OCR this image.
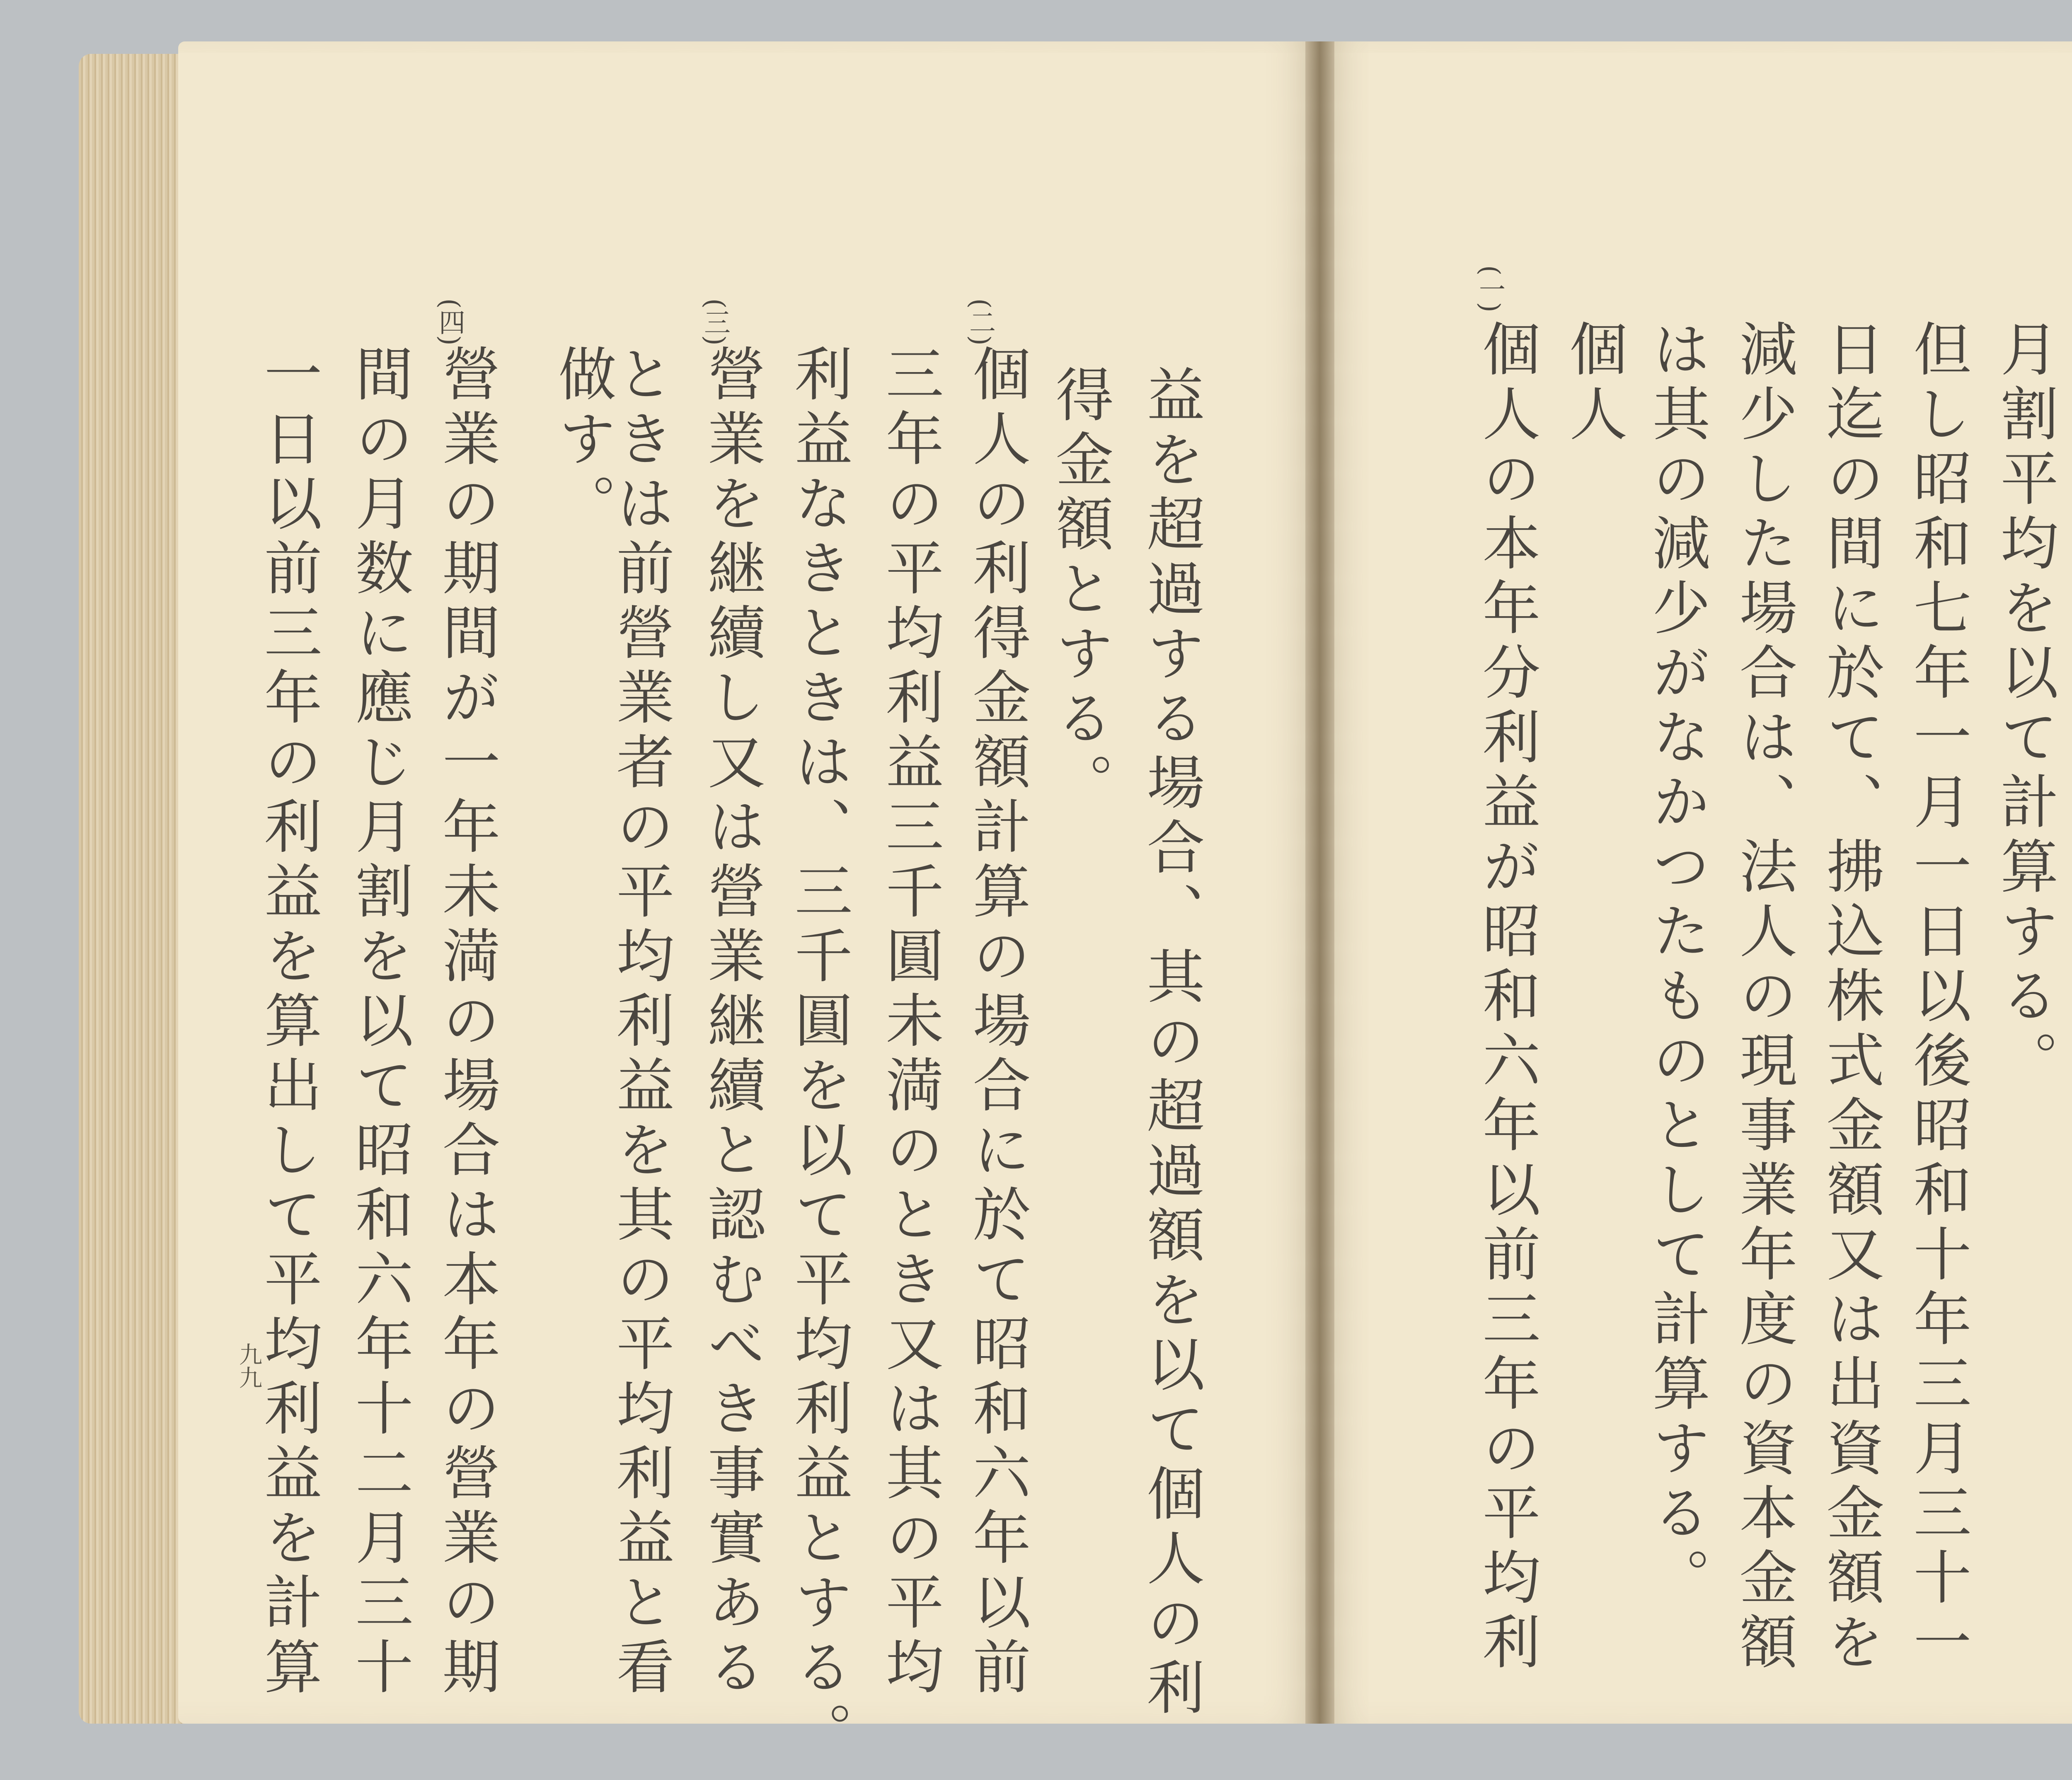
月割平均を以て計算する。
但し昭和七年一月一日以後昭和十年三月三十一
日迄の間に於て、拂込株式金額又は出資金額を
減少した場合は、法人の現事業年度の資本金額
は其の減少がなかつたものとして計算する。
個人
(一)
個人の本年分利益が昭和六年以前三年の平均利
益を超過する場合、其の超過額を以て個人の利
得金額とする。
(二)
個人の利得金額計算の場合に於て昭和六年以前
三年の平均利益三千圓未満のとき又は其の平均
利益なきときは、三千圓を以て平均利益とする。
(三)
營業を継續し又は營業継續と認むべき事實ある
ときは前營業者の平均利益を其の平均利益と看
做す。
(四)
營業の期間が一年未満の場合は本年の營業の期
間の月数に應じ月割を以て昭和六年十二月三十
一日以前三年の利益を算出して平均利益を計算
九九
